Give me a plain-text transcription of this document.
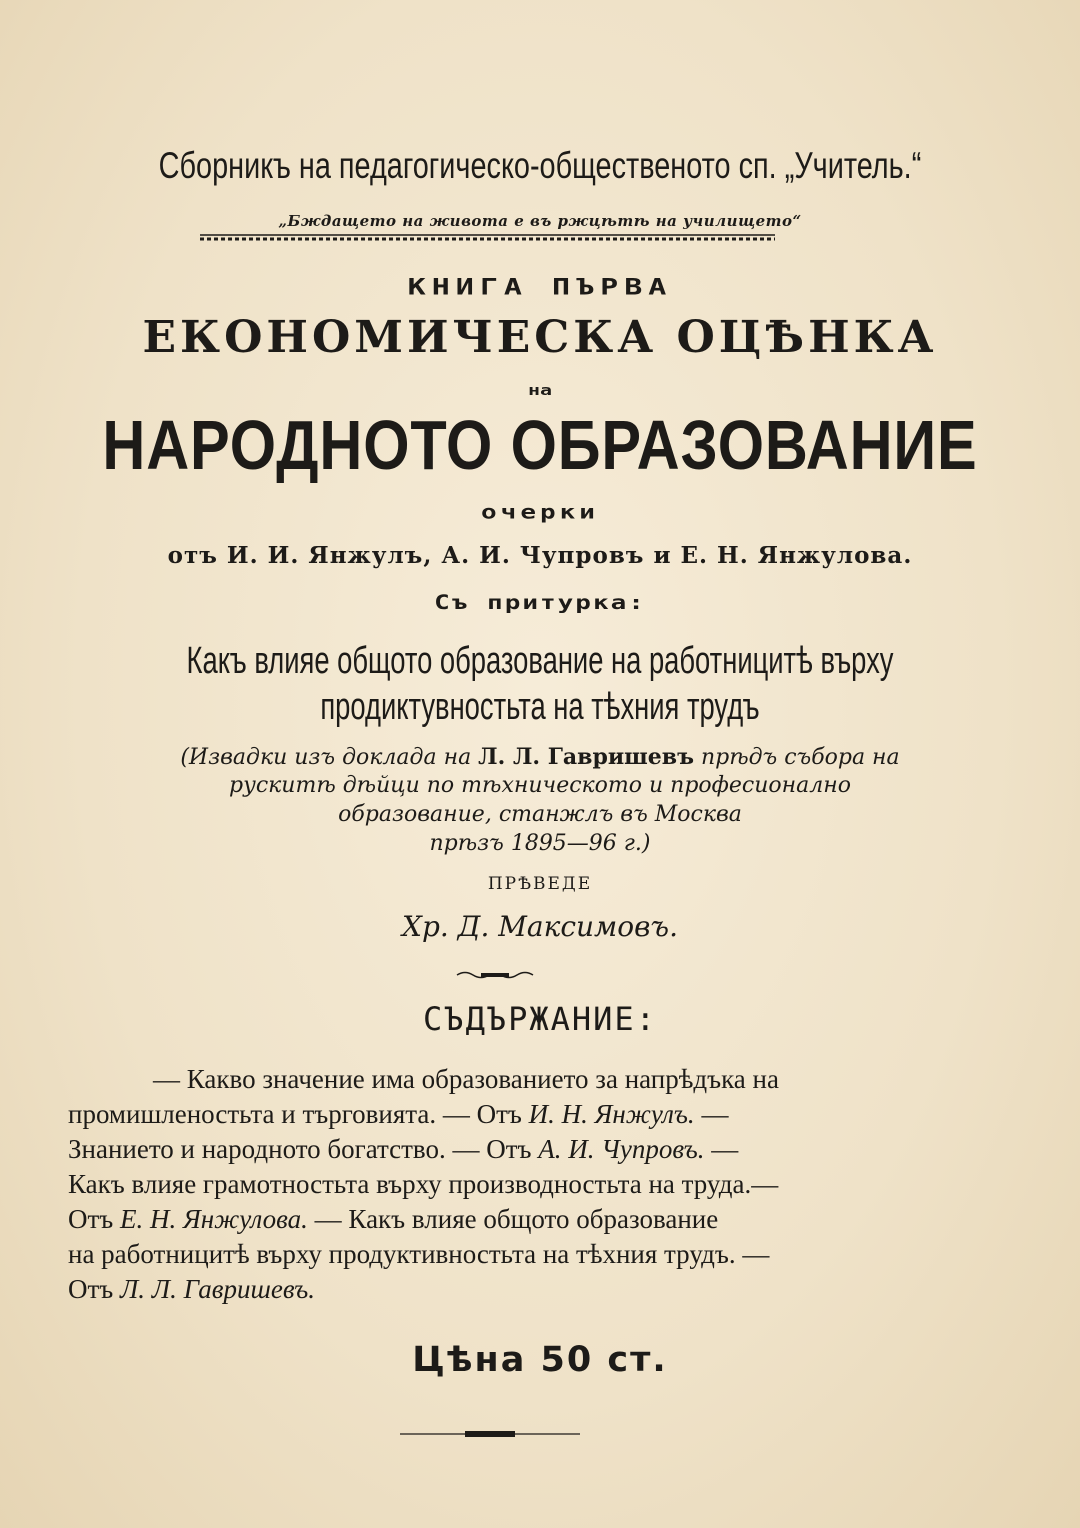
Сборникъ на педагогическо-общественото сп. „Учитель.“
„Бждащето на живота е въ ржцѣтѣ на училището“
КНИГА ПЪРВА
ЕКОНОМИЧЕСКА ОЦѢНКА
на
НАРОДНОТО ОБРАЗОВАНИЕ
очерки
отъ И. И. Янжулъ, А. И. Чупровъ и Е. Н. Янжулова.
Съ притурка:
Какъ влияе общото образование на работницитѣ върху
продиктувностьта на тѣхния трудъ
(Извадки изъ доклада на Л. Л. Гавришевъ прѣдъ събора на
рускитѣ дѣйци по тѣхническото и професионално
образование, станжлъ въ Москва
прѣзъ 1895—96 г.)
ПРѢВЕДЕ
Хр. Д. Максимовъ.
СЪДЪРЖАНИЕ:
— Какво значение има образованието за напрѣдъка на
промишленостьта и търговията. — Отъ И. Н. Янжулъ. —
Знанието и народното богатство. — Отъ А. И. Чупровъ. —
Какъ влияе грамотностьта върху производностьта на труда.—
Отъ Е. Н. Янжулова. — Какъ влияе общото образование
на работницитѣ върху продуктивностьта на тѣхния трудъ. —
Отъ Л. Л. Гавришевъ.
Цѣна 50 ст.
